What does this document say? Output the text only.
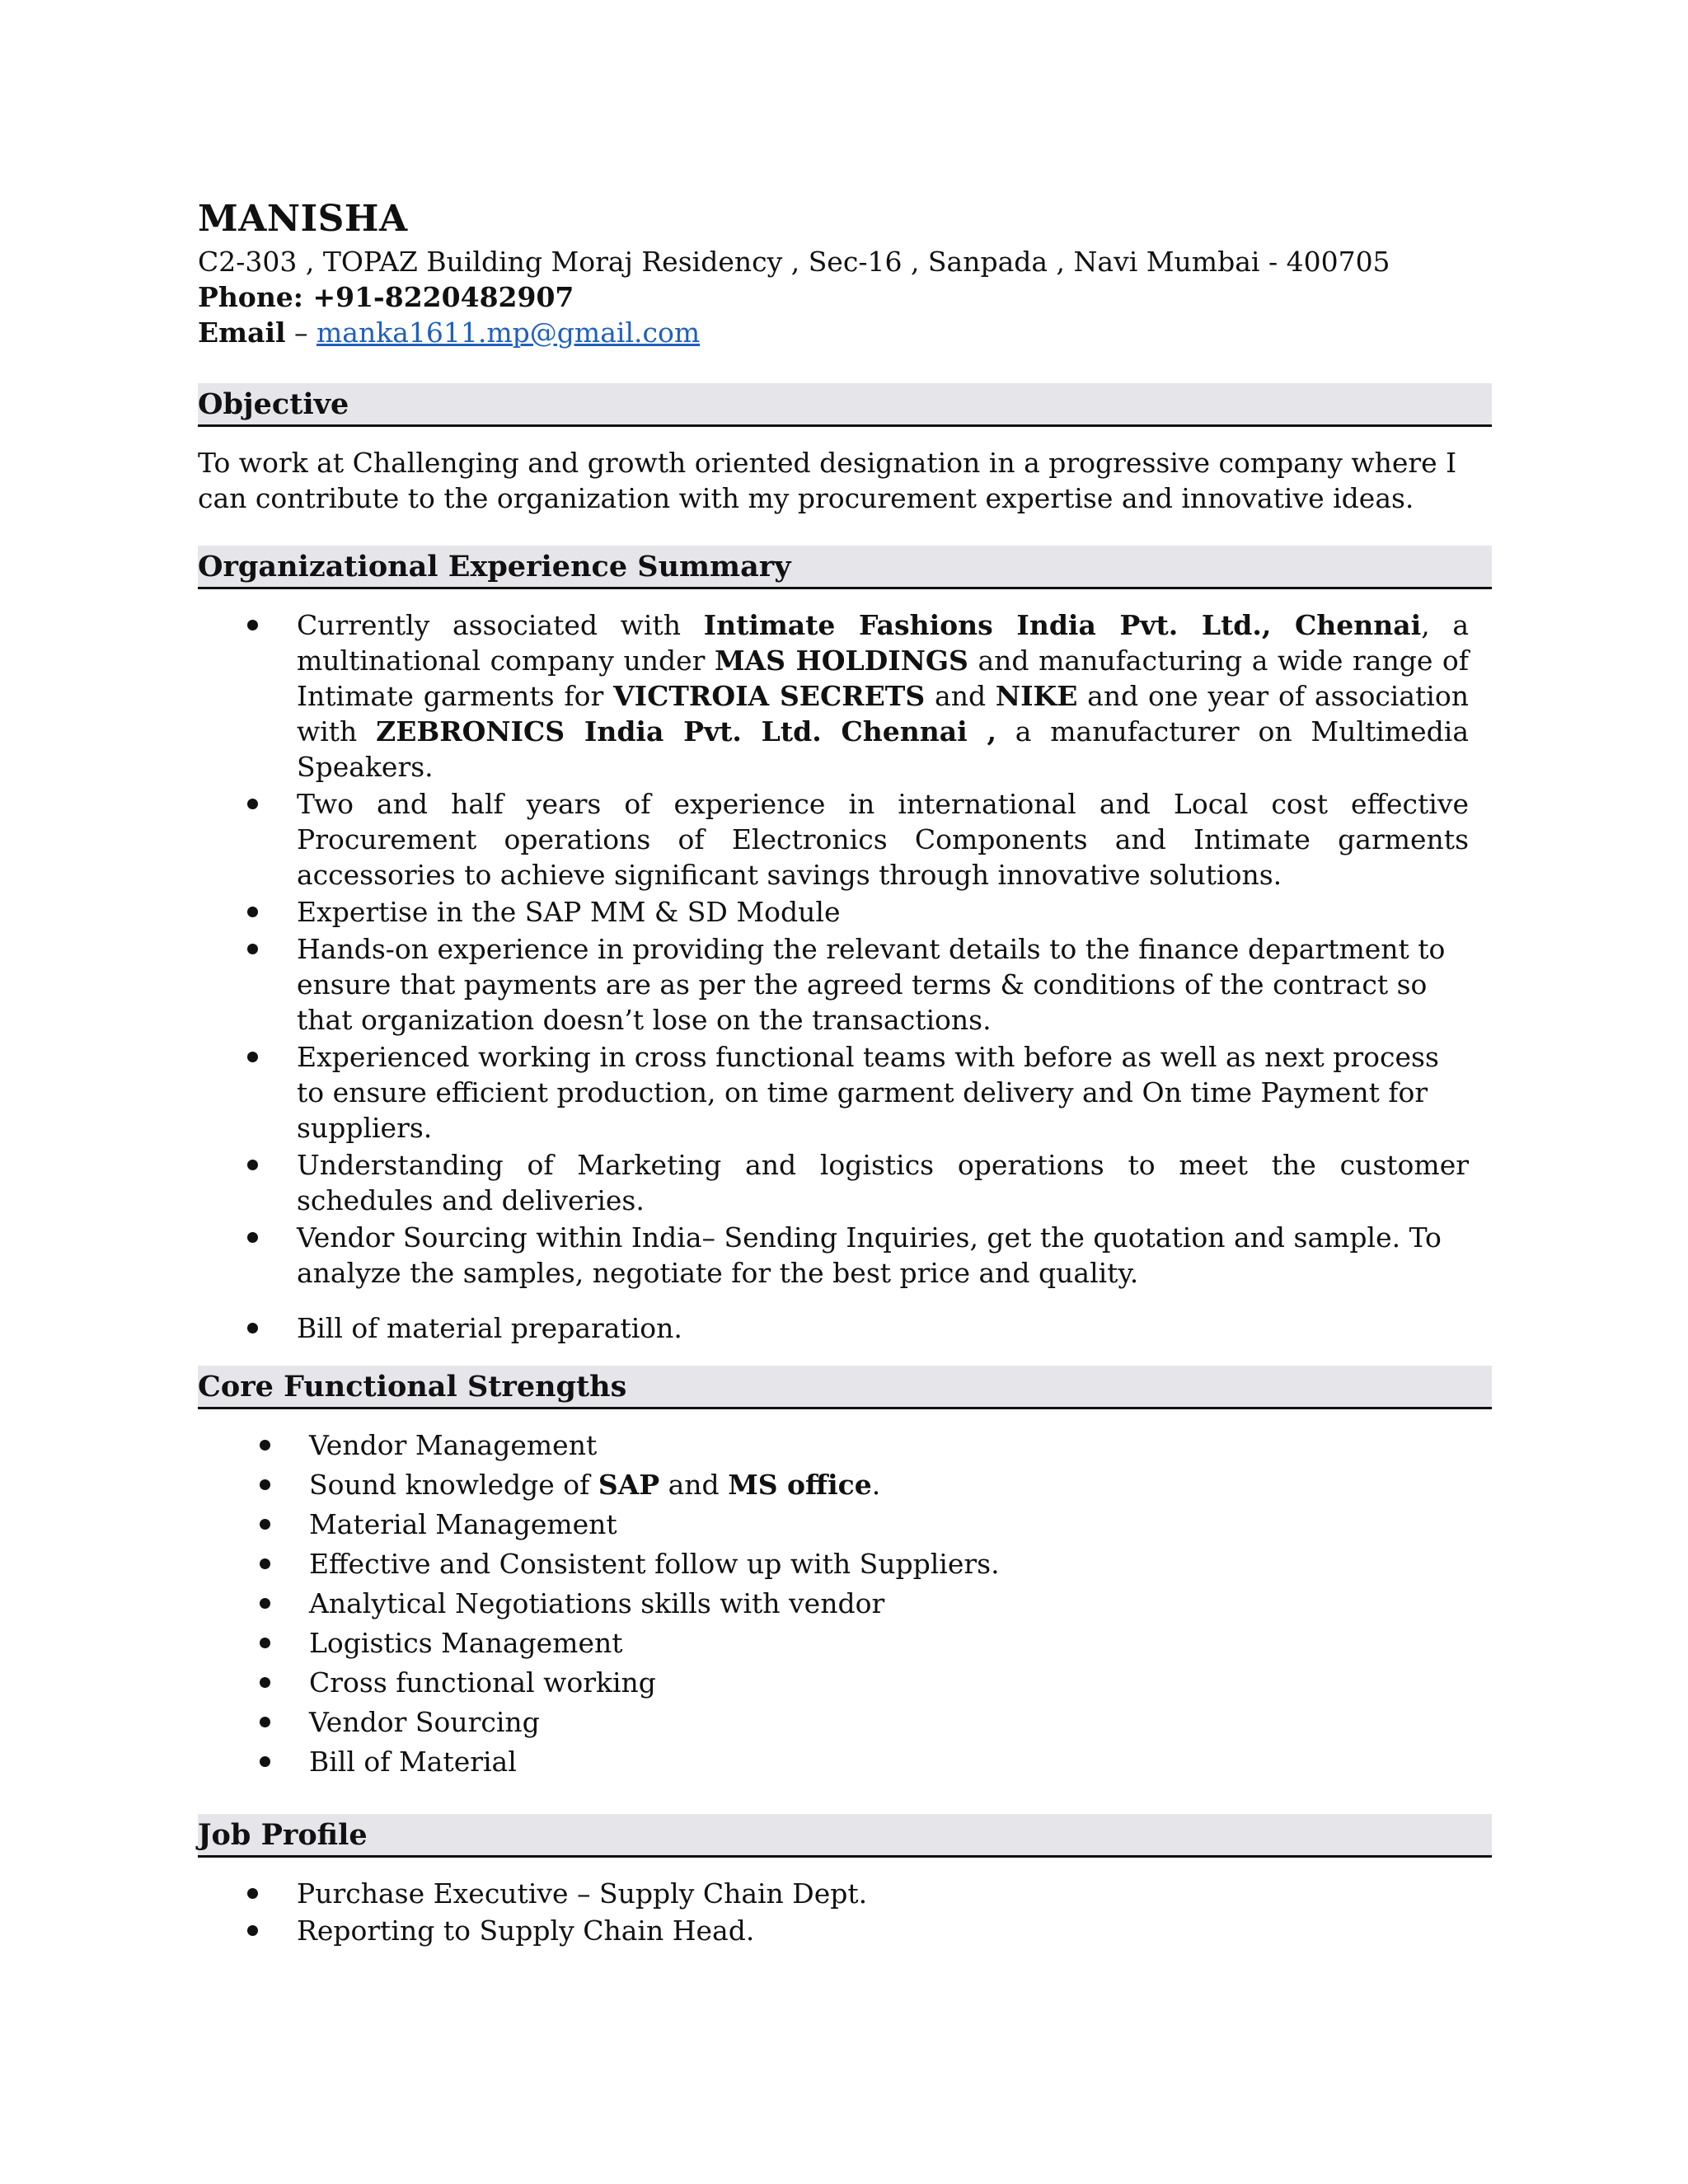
MANISHA

C2-303 , TOPAZ Building Moraj Residency , Sec-16 , Sanpada , Navi Mumbai - 400705

Phone: +91-8220482907

Email – manka1611.mp@gmail.com

Objective

To work at Challenging and growth oriented designation in a progressive company where I can contribute to the organization with my procurement expertise and innovative ideas.

Organizational Experience Summary
Currently associated with Intimate Fashions India Pvt. Ltd., Chennai, a multinational company under MAS HOLDINGS and manufacturing a wide range of Intimate garments for VICTROIA SECRETS and NIKE and one year of association with ZEBRONICS India Pvt. Ltd. Chennai , a manufacturer on Multimedia Speakers.
Two and half years of experience in international and Local cost effective Procurement operations of Electronics Components and Intimate garments accessories to achieve significant savings through innovative solutions.
Expertise in the SAP MM & SD Module
Hands-on experience in providing the relevant details to the finance department to ensure that payments are as per the agreed terms & conditions of the contract so that organization doesn’t lose on the transactions.
Experienced working in cross functional teams with before as well as next process to ensure efficient production, on time garment delivery and On time Payment for suppliers.
Understanding of Marketing and logistics operations to meet the customer schedules and deliveries.
Vendor Sourcing within India– Sending Inquiries, get the quotation and sample. To analyze the samples, negotiate for the best price and quality.
Bill of material preparation.
Core Functional Strengths
Vendor Management
Sound knowledge of SAP and MS office.
Material Management
Effective and Consistent follow up with Suppliers.
Analytical Negotiations skills with vendor
Logistics Management
Cross functional working
Vendor Sourcing
Bill of Material
Job Profile
Purchase Executive – Supply Chain Dept.
Reporting to Supply Chain Head.
